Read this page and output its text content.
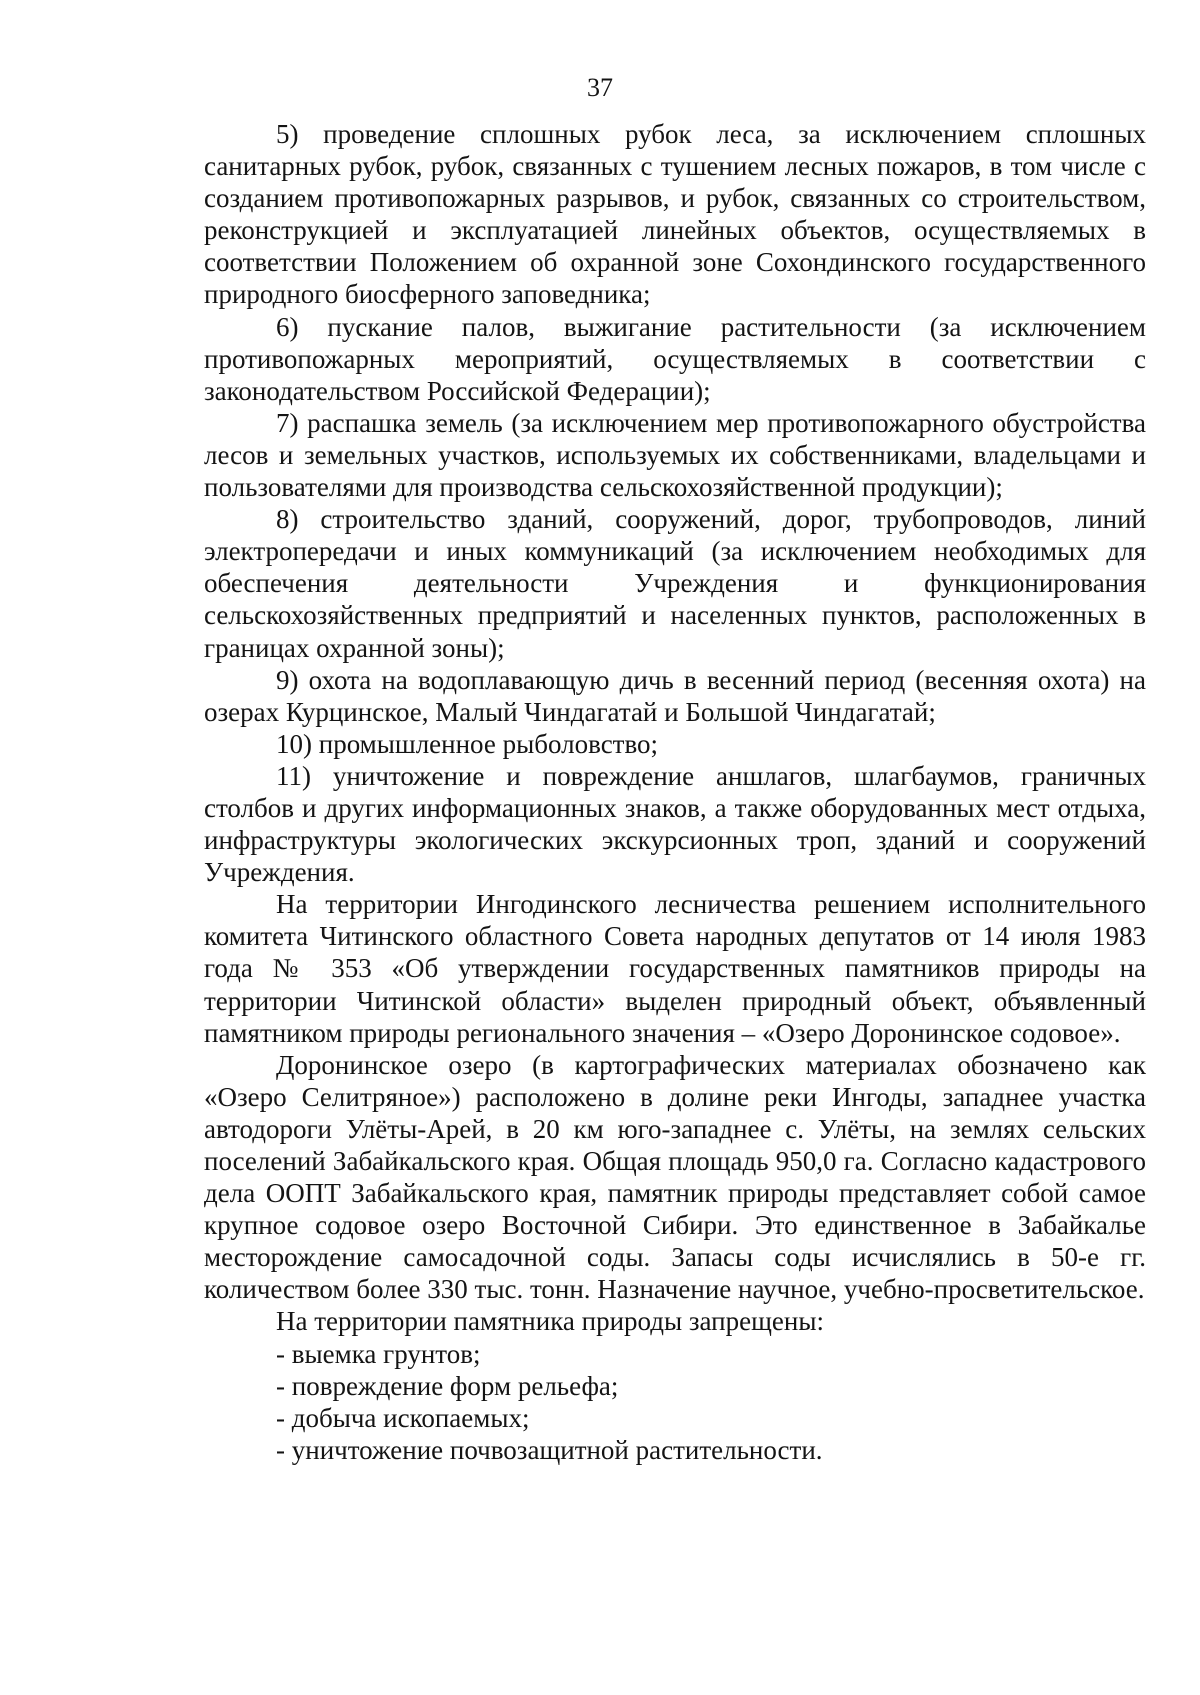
37

5) проведение сплошных рубок леса, за исключением сплошных санитарных рубок, рубок, связанных с тушением лесных пожаров, в том числе с созданием противопожарных разрывов, и рубок, связанных со строительством, реконструкцией и эксплуатацией линейных объектов, осуществляемых в соответствии Положением об охранной зоне Сохондинского государственного природного биосферного заповедника;

6) пускание палов, выжигание растительности (за исключением противопожарных мероприятий, осуществляемых в соответствии с законодательством Российской Федерации);

7) распашка земель (за исключением мер противопожарного обустройства лесов и земельных участков, используемых их собственниками, владельцами и пользователями для производства сельскохозяйственной продукции);

8) строительство зданий, сооружений, дорог, трубопроводов, линий электропередачи и иных коммуникаций (за исключением необходимых для обеспечения деятельности Учреждения и функционирования сельскохозяйственных предприятий и населенных пунктов, расположенных в границах охранной зоны);

9) охота на водоплавающую дичь в весенний период (весенняя охота) на озерах Курцинское, Малый Чиндагатай и Большой Чиндагатай;

10) промышленное рыболовство;

11) уничтожение и повреждение аншлагов, шлагбаумов, граничных столбов и других информационных знаков, а также оборудованных мест отдыха, инфраструктуры экологических экскурсионных троп, зданий и сооружений Учреждения.

На территории Ингодинского лесничества решением исполнительного комитета Читинского областного Совета народных депутатов от 14 июля 1983 года № 353 «Об утверждении государственных памятников природы на территории Читинской области» выделен природный объект, объявленный памятником природы регионального значения – «Озеро Доронинское содовое».

Доронинское озеро (в картографических материалах обозначено как «Озеро Селитряное») расположено в долине реки Ингоды, западнее участка автодороги Улёты-Арей, в 20 км юго-западнее с. Улёты, на землях сельских поселений Забайкальского края. Общая площадь 950,0 га. Согласно кадастрового дела ООПТ Забайкальского края, памятник природы представляет собой самое крупное содовое озеро Восточной Сибири. Это единственное в Забайкалье месторождение самосадочной соды. Запасы соды исчислялись в 50-е гг. количеством более 330 тыс. тонн. Назначение научное, учебно-просветительское.

На территории памятника природы запрещены:

- выемка грунтов;
- повреждение форм рельефа;
- добыча ископаемых;
- уничтожение почвозащитной растительности.
